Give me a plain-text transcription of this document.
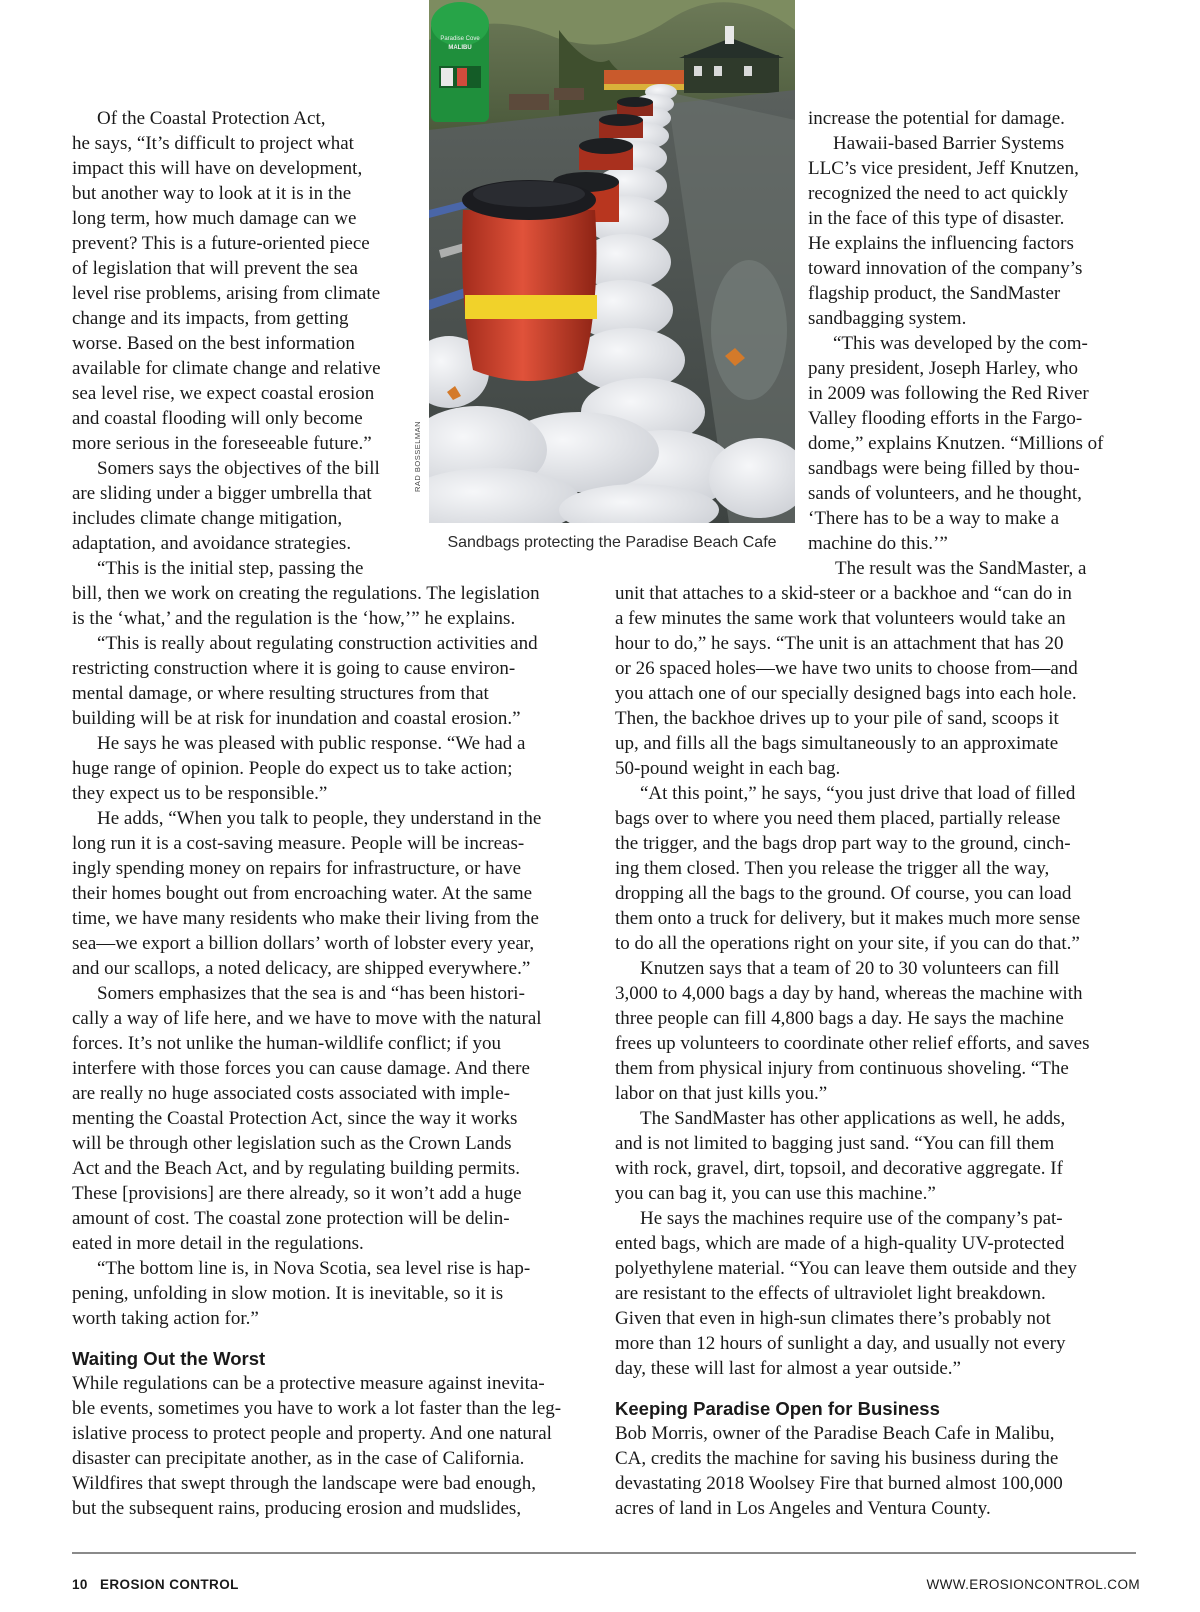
Paradise Cove
MALIBU
RAD BOSSELMAN
Sandbags protecting the Paradise Beach Cafe

Of the Coastal Protection Act,
he says, “It’s difficult to project what
impact this will have on development,
but another way to look at it is in the
long term, how much damage can we
prevent? This is a future-oriented piece
of legislation that will prevent the sea
level rise problems, arising from climate
change and its impacts, from getting
worse. Based on the best information
available for climate change and relative
sea level rise, we expect coastal erosion
and coastal flooding will only become
more serious in the foreseeable future.”

Somers says the objectives of the bill
are sliding under a bigger umbrella that
includes climate change mitigation,
adaptation, and avoidance strategies.

“This is the initial step, passing the
bill, then we work on creating the regulations. The legislation
is the ‘what,’ and the regulation is the ‘how,’” he explains.

“This is really about regulating construction activities and
restricting construction where it is going to cause environ-
mental damage, or where resulting structures from that
building will be at risk for inundation and coastal erosion.”

He says he was pleased with public response. “We had a
huge range of opinion. People do expect us to take action;
they expect us to be responsible.”

He adds, “When you talk to people, they understand in the
long run it is a cost-saving measure. People will be increas-
ingly spending money on repairs for infrastructure, or have
their homes bought out from encroaching water. At the same
time, we have many residents who make their living from the
sea—we export a billion dollars’ worth of lobster every year,
and our scallops, a noted delicacy, are shipped everywhere.”

Somers emphasizes that the sea is and “has been histori-
cally a way of life here, and we have to move with the natural
forces. It’s not unlike the human-wildlife conflict; if you
interfere with those forces you can cause damage. And there
are really no huge associated costs associated with imple-
menting the Coastal Protection Act, since the way it works
will be through other legislation such as the Crown Lands
Act and the Beach Act, and by regulating building permits.
These [provisions] are there already, so it won’t add a huge
amount of cost. The coastal zone protection will be delin-
eated in more detail in the regulations.

“The bottom line is, in Nova Scotia, sea level rise is hap-
pening, unfolding in slow motion. It is inevitable, so it is
worth taking action for.”

Waiting Out the Worst

While regulations can be a protective measure against inevita-
ble events, sometimes you have to work a lot faster than the leg-
islative process to protect people and property. And one natural
disaster can precipitate another, as in the case of California.
Wildfires that swept through the landscape were bad enough,
but the subsequent rains, producing erosion and mudslides,

increase the potential for damage.

Hawaii-based Barrier Systems
LLC’s vice president, Jeff Knutzen,
recognized the need to act quickly
in the face of this type of disaster.
He explains the influencing factors
toward innovation of the company’s
flagship product, the SandMaster
sandbagging system.

“This was developed by the com-
pany president, Joseph Harley, who
in 2009 was following the Red River
Valley flooding efforts in the Fargo-
dome,” explains Knutzen. “Millions of
sandbags were being filled by thou-
sands of volunteers, and he thought,
‘There has to be a way to make a
machine do this.’”

The result was the SandMaster, a
unit that attaches to a skid-steer or a backhoe and “can do in
a few minutes the same work that volunteers would take an
hour to do,” he says. “The unit is an attachment that has 20
or 26 spaced holes—we have two units to choose from—and
you attach one of our specially designed bags into each hole.
Then, the backhoe drives up to your pile of sand, scoops it
up, and fills all the bags simultaneously to an approximate
50-pound weight in each bag.

“At this point,” he says, “you just drive that load of filled
bags over to where you need them placed, partially release
the trigger, and the bags drop part way to the ground, cinch-
ing them closed. Then you release the trigger all the way,
dropping all the bags to the ground. Of course, you can load
them onto a truck for delivery, but it makes much more sense
to do all the operations right on your site, if you can do that.”

Knutzen says that a team of 20 to 30 volunteers can fill
3,000 to 4,000 bags a day by hand, whereas the machine with
three people can fill 4,800 bags a day. He says the machine
frees up volunteers to coordinate other relief efforts, and saves
them from physical injury from continuous shoveling. “The
labor on that just kills you.”

The SandMaster has other applications as well, he adds,
and is not limited to bagging just sand. “You can fill them
with rock, gravel, dirt, topsoil, and decorative aggregate. If
you can bag it, you can use this machine.”

He says the machines require use of the company’s pat-
ented bags, which are made of a high-quality UV-protected
polyethylene material. “You can leave them outside and they
are resistant to the effects of ultraviolet light breakdown.
Given that even in high-sun climates there’s probably not
more than 12 hours of sunlight a day, and usually not every
day, these will last for almost a year outside.”

Keeping Paradise Open for Business

Bob Morris, owner of the Paradise Beach Cafe in Malibu,
CA, credits the machine for saving his business during the
devastating 2018 Woolsey Fire that burned almost 100,000
acres of land in Los Angeles and Ventura County.

10 EROSION CONTROL	WWW.EROSIONCONTROL.COM
